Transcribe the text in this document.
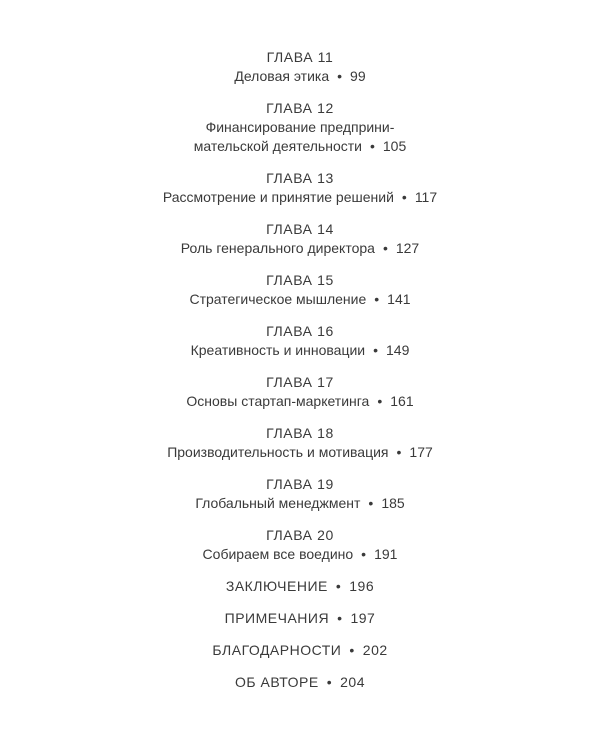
ГЛАВА 11
Деловая этика • 99
ГЛАВА 12
Финансирование предприни-
мательской деятельности • 105
ГЛАВА 13
Рассмотрение и принятие решений • 117
ГЛАВА 14
Роль генерального директора • 127
ГЛАВА 15
Стратегическое мышление • 141
ГЛАВА 16
Креативность и инновации • 149
ГЛАВА 17
Основы стартап-маркетинга • 161
ГЛАВА 18
Производительность и мотивация • 177
ГЛАВА 19
Глобальный менеджмент • 185
ГЛАВА 20
Собираем все воедино • 191
ЗАКЛЮЧЕНИЕ • 196
ПРИМЕЧАНИЯ • 197
БЛАГОДАРНОСТИ • 202
ОБ АВТОРЕ • 204
